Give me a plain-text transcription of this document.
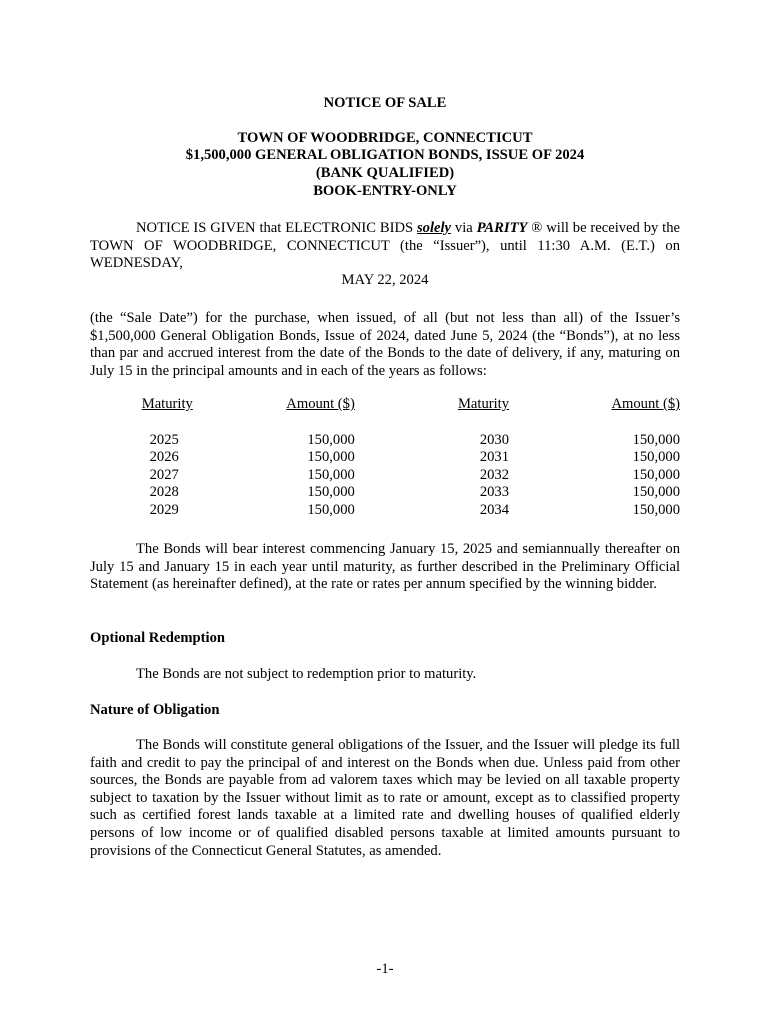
NOTICE OF SALE
TOWN OF WOODBRIDGE, CONNECTICUT
$1,500,000 GENERAL OBLIGATION BONDS, ISSUE OF 2024
(BANK QUALIFIED)
BOOK-ENTRY-ONLY

NOTICE IS GIVEN that ELECTRONIC BIDS solely via PARITY ® will be received by the TOWN OF WOODBRIDGE, CONNECTICUT (the “Issuer”), until 11:30 A.M. (E.T.) on WEDNESDAY,

MAY 22, 2024

(the “Sale Date”) for the purchase, when issued, of all (but not less than all) of the Issuer’s $1,500,000 General Obligation Bonds, Issue of 2024, dated June 5, 2024 (the “Bonds”), at no less than par and accrued interest from the date of the Bonds to the date of delivery, if any, maturing on July 15 in the principal amounts and in each of the years as follows:

Maturity	Amount ($)	Maturity	Amount ($)

2025	150,000	2030	150,000
2026	150,000	2031	150,000
2027	150,000	2032	150,000
2028	150,000	2033	150,000
2029	150,000	2034	150,000

The Bonds will bear interest commencing January 15, 2025 and semiannually thereafter on July 15 and January 15 in each year until maturity, as further described in the Preliminary Official Statement (as hereinafter defined), at the rate or rates per annum specified by the winning bidder.

Optional Redemption

The Bonds are not subject to redemption prior to maturity.

Nature of Obligation

The Bonds will constitute general obligations of the Issuer, and the Issuer will pledge its full faith and credit to pay the principal of and interest on the Bonds when due. Unless paid from other sources, the Bonds are payable from ad valorem taxes which may be levied on all taxable property subject to taxation by the Issuer without limit as to rate or amount, except as to classified property such as certified forest lands taxable at a limited rate and dwelling houses of qualified elderly persons of low income or of qualified disabled persons taxable at limited amounts pursuant to provisions of the Connecticut General Statutes, as amended.

-1-
